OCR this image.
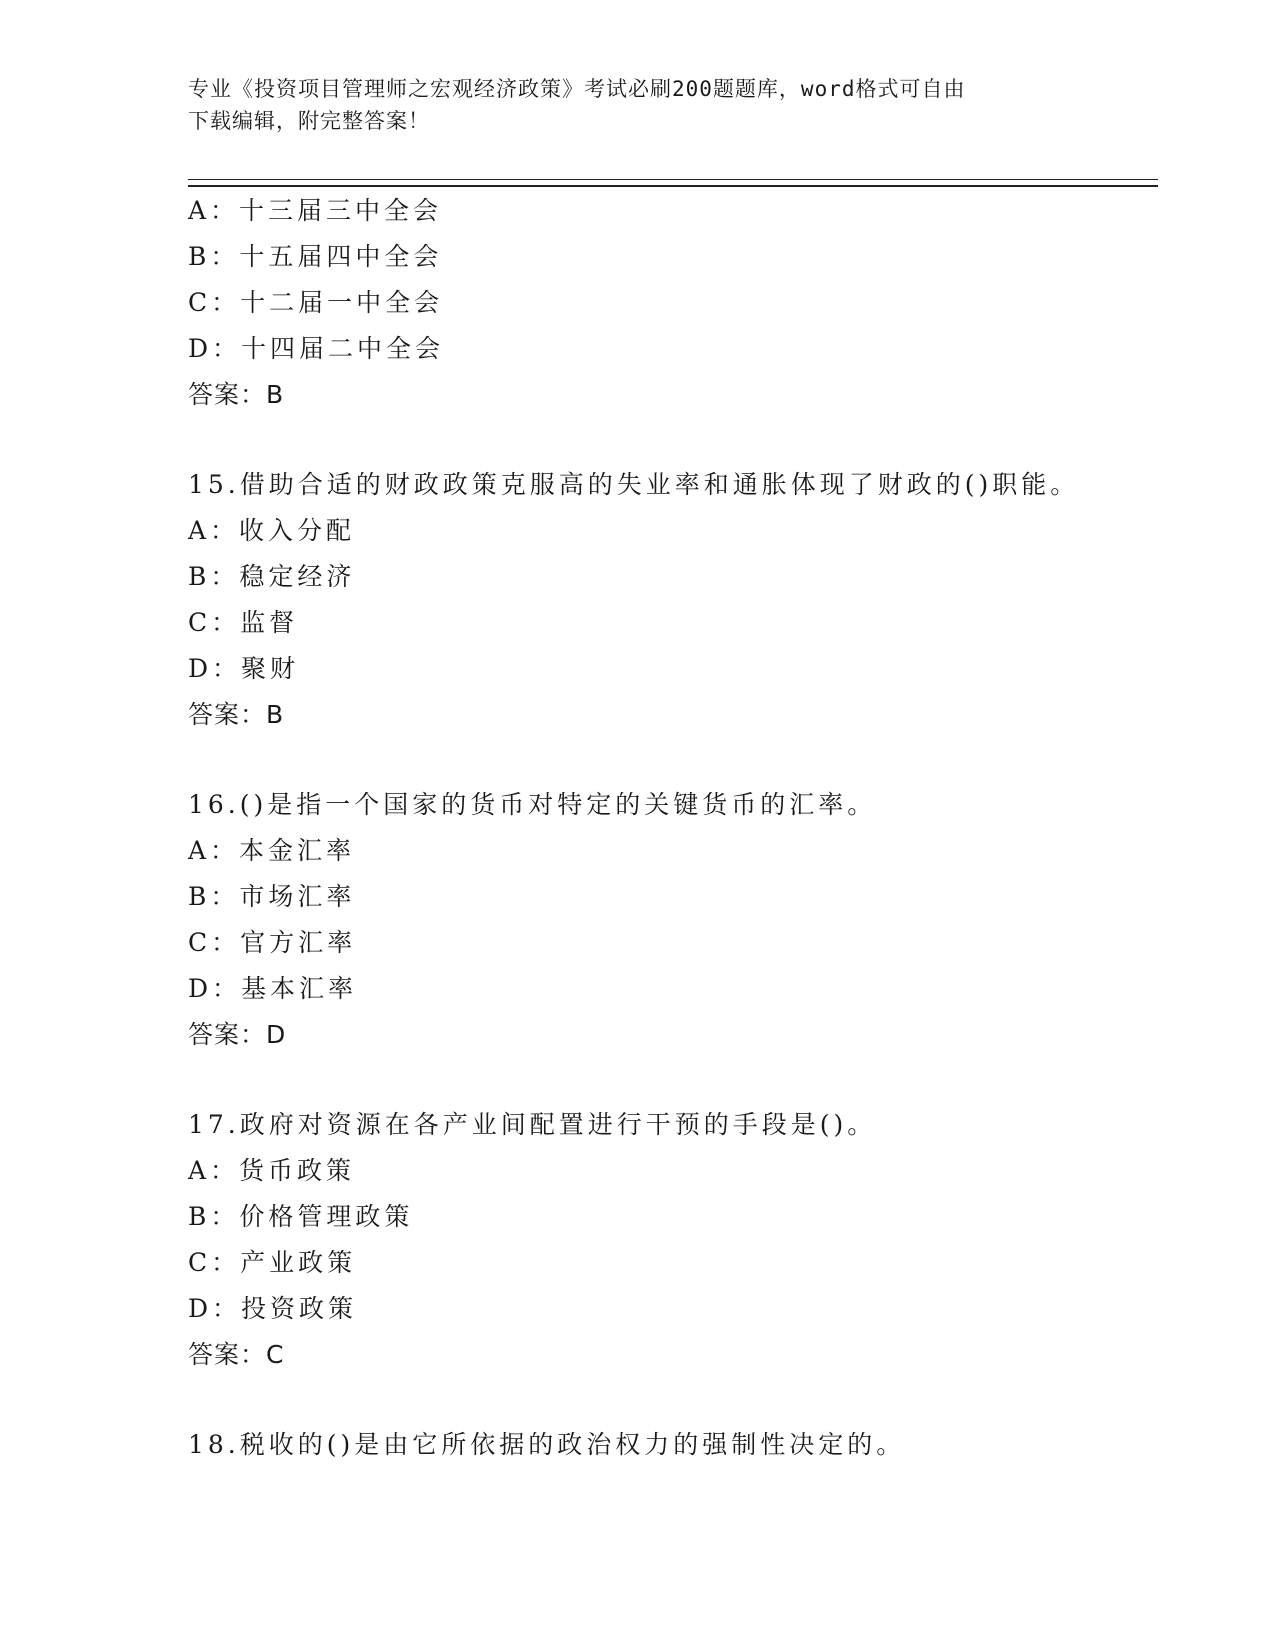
专业《投资项目管理师之宏观经济政策》考试必刷200题题库，word格式可自由
下载编辑，附完整答案！
A：十三届三中全会
B：十五届四中全会
C：十二届一中全会
D：十四届二中全会
答案：B
15.借助合适的财政政策克服高的失业率和通胀体现了财政的()职能。
A：收入分配
B：稳定经济
C：监督
D：聚财
答案：B
16.()是指一个国家的货币对特定的关键货币的汇率。
A：本金汇率
B：市场汇率
C：官方汇率
D：基本汇率
答案：D
17.政府对资源在各产业间配置进行干预的手段是()。
A：货币政策
B：价格管理政策
C：产业政策
D：投资政策
答案：C
18.税收的()是由它所依据的政治权力的强制性决定的。
